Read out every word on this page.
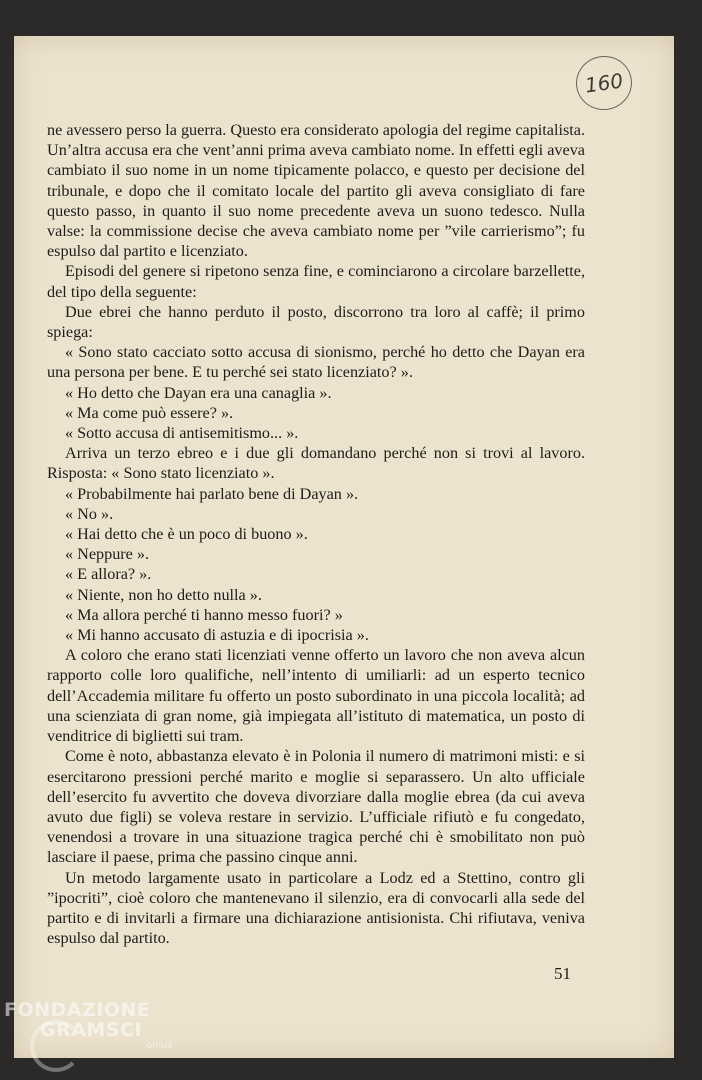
160

ne avessero perso la guerra. Questo era considerato apologia del regime capitalista. Un’altra accusa era che vent’anni prima aveva cambiato nome. In effetti egli aveva cambiato il suo nome in un nome tipicamente polacco, e questo per decisione del tribunale, e dopo che il comitato locale del partito gli aveva consigliato di fare questo passo, in quanto il suo nome precedente aveva un suono tedesco. Nulla valse: la commissione decise che aveva cambiato nome per ”vile carrierismo”; fu espulso dal partito e licenziato.

Episodi del genere si ripetono senza fine, e cominciarono a circolare barzellette, del tipo della seguente:

Due ebrei che hanno perduto il posto, discorrono tra loro al caffè; il primo spiega:

« Sono stato cacciato sotto accusa di sionismo, perché ho detto che Dayan era una persona per bene. E tu perché sei stato licenziato? ».

« Ho detto che Dayan era una canaglia ».

« Ma come può essere? ».

« Sotto accusa di antisemitismo... ».

Arriva un terzo ebreo e i due gli domandano perché non si trovi al lavoro. Risposta: « Sono stato licenziato ».

« Probabilmente hai parlato bene di Dayan ».

« No ».

« Hai detto che è un poco di buono ».

« Neppure ».

« E allora? ».

« Niente, non ho detto nulla ».

« Ma allora perché ti hanno messo fuori? »

« Mi hanno accusato di astuzia e di ipocrisia ».

A coloro che erano stati licenziati venne offerto un lavoro che non aveva alcun rapporto colle loro qualifiche, nell’intento di umiliarli: ad un esperto tecnico dell’Accademia militare fu offerto un posto subordinato in una piccola località; ad una scienziata di gran nome, già impiegata all’istituto di matematica, un posto di venditrice di biglietti sui tram.

Come è noto, abbastanza elevato è in Polonia il numero di matrimoni misti: e si esercitarono pressioni perché marito e moglie si separassero. Un alto ufficiale dell’esercito fu avvertito che doveva divorziare dalla moglie ebrea (da cui aveva avuto due figli) se voleva restare in servizio. L’ufficiale rifiutò e fu congedato, venendosi a trovare in una situazione tragica perché chi è smobilitato non può lasciare il paese, prima che passino cinque anni.

Un metodo largamente usato in particolare a Lodz ed a Stettino, contro gli ”ipocriti”, cioè coloro che mantenevano il silenzio, era di convocarli alla sede del partito e di invitarli a firmare una dichiarazione antisionista. Chi rifiutava, veniva espulso dal partito.

51
FONDAZIONE
GRAMSCI
onlus
